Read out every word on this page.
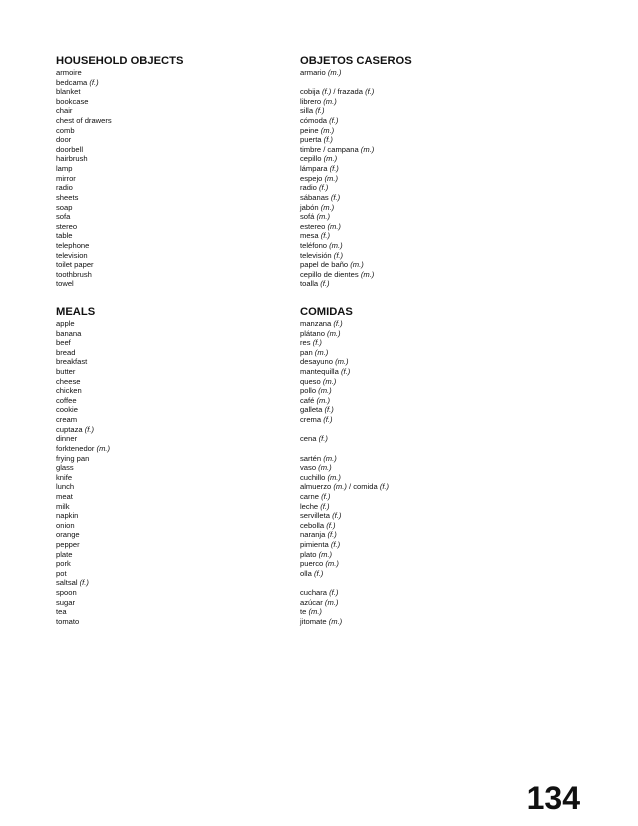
HOUSEHOLD OBJECTS
armoire
bedcama (f.)
blanket
bookcase
chair
chest of drawers
comb
door
doorbell
hairbrush
lamp
mirror
radio
sheets
soap
sofa
stereo
table
telephone
television
toilet paper
toothbrush
towel
OBJETOS CASEROS
armario (m.)
cobija (f.) / frazada (f.)
librero (m.)
silla (f.)
cómoda (f.)
peine (m.)
puerta (f.)
timbre / campana (m.)
cepillo (m.)
lámpara (f.)
espejo (m.)
radio (f.)
sábanas (f.)
jabón (m.)
sofá (m.)
estereo (m.)
mesa (f.)
teléfono (m.)
televisión (f.)
papel de baño (m.)
cepillo de dientes (m.)
toalla (f.)
MEALS
apple
banana
beef
bread
breakfast
butter
cheese
chicken
coffee
cookie
cream
cuptaza (f.)
dinner
forktenedor (m.)
frying pan
glass
knife
lunch
meat
milk
napkin
onion
orange
pepper
plate
pork
pot
saltsal (f.)
spoon
sugar
tea
tomato
COMIDAS
manzana (f.)
plátano (m.)
res (f.)
pan (m.)
desayuno (m.)
mantequilla (f.)
queso (m.)
pollo (m.)
café (m.)
galleta (f.)
crema (f.)
cena (f.)
sartén (m.)
vaso (m.)
cuchillo (m.)
almuerzo (m.) / comida (f.)
carne (f.)
leche (f.)
servilleta (f.)
cebolla (f.)
naranja (f.)
pimienta (f.)
plato (m.)
puerco (m.)
olla (f.)
cuchara (f.)
azúcar (m.)
te (m.)
jitomate (m.)
134
